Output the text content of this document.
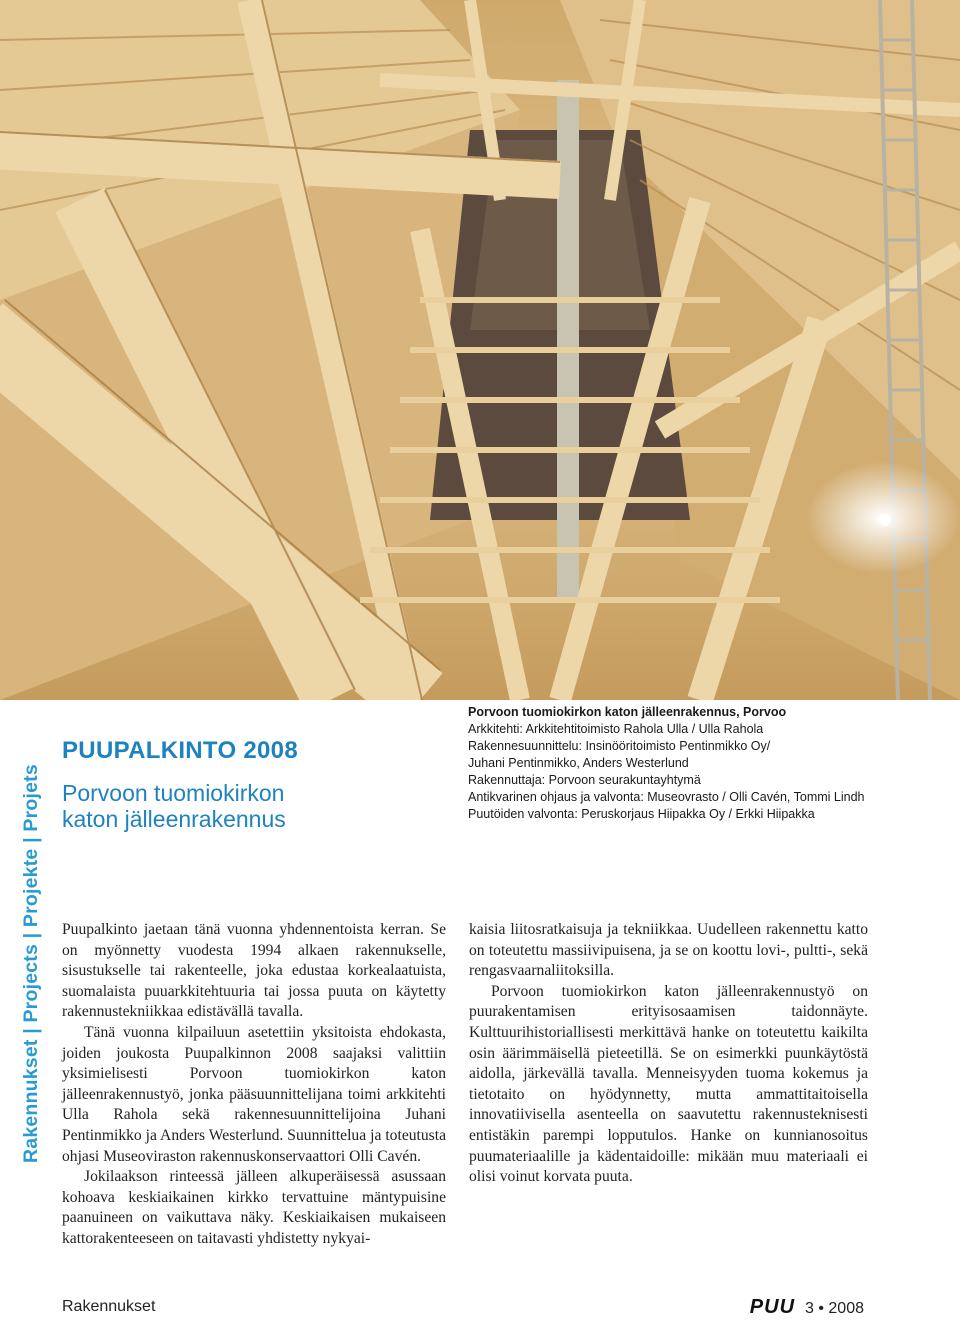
Rakennukset | Projects | Projekte | Projets
PUUPALKINTO 2008
Porvoon tuomiokirkon
katon jälleenrakennus
Porvoon tuomiokirkon katon jälleenrakennus, Porvoo
Arkkitehti: Arkkitehtitoimisto Rahola Ulla / Ulla Rahola
Rakennesuunnittelu: Insinööritoimisto Pentinmikko Oy/
Juhani Pentinmikko, Anders Westerlund
Rakennuttaja: Porvoon seurakuntayhtymä
Antikvarinen ohjaus ja valvonta: Museovrasto / Olli Cavén, Tommi Lindh
Puutöiden valvonta: Peruskorjaus Hiipakka Oy / Erkki Hiipakka

Puupalkinto jaetaan tänä vuonna yhdennentoista kerran. Se on myönnetty vuodesta 1994 alkaen rakennukselle, sisustukselle tai rakenteelle, joka edustaa korkealaatuista, suomalaista puuarkkitehtuuria tai jossa puuta on käytetty rakennustekniikkaa edistävällä tavalla.

Tänä vuonna kilpailuun asetettiin yksitoista ehdokasta, joiden joukosta Puupalkinnon 2008 saajaksi valittiin yksimielisesti Porvoon tuomiokirkon katon jälleenrakennustyö, jonka pääsuunnittelijana toimi arkkitehti Ulla Rahola sekä rakennesuunnittelijoina Juhani Pentinmikko ja Anders Westerlund. Suunnittelua ja toteutusta ohjasi Museoviraston rakennuskonservaattori Olli Cavén.

Jokilaakson rinteessä jälleen alkuperäisessä asussaan kohoava keskiaikainen kirkko tervattuine mäntypuisine paanuineen on vaikuttava näky. Keskiaikaisen mukaiseen kattorakenteeseen on taitavasti yhdistetty nykyai-

kaisia liitosratkaisuja ja tekniikkaa. Uudelleen rakennettu katto on toteutettu massiivipuisena, ja se on koottu lovi-, pultti-, sekä rengasvaarnaliitoksilla.

Porvoon tuomiokirkon katon jälleenrakennustyö on puurakentamisen erityisosaamisen taidonnäyte. Kulttuurihistoriallisesti merkittävä hanke on toteutettu kaikilta osin äärimmäisellä pieteetillä. Se on esimerkki puunkäytöstä aidolla, järkevällä tavalla. Menneisyyden tuoma kokemus ja tietotaito on hyödynnetty, mutta ammattitaitoisella innovatiivisella asenteella on saavutettu rakennusteknisesti entistäkin parempi lopputulos. Hanke on kunnianosoitus puumateriaalille ja kädentaidoille: mikään muu materiaali ei olisi voinut korvata puuta.

Rakennukset	PUU 3 • 2008
